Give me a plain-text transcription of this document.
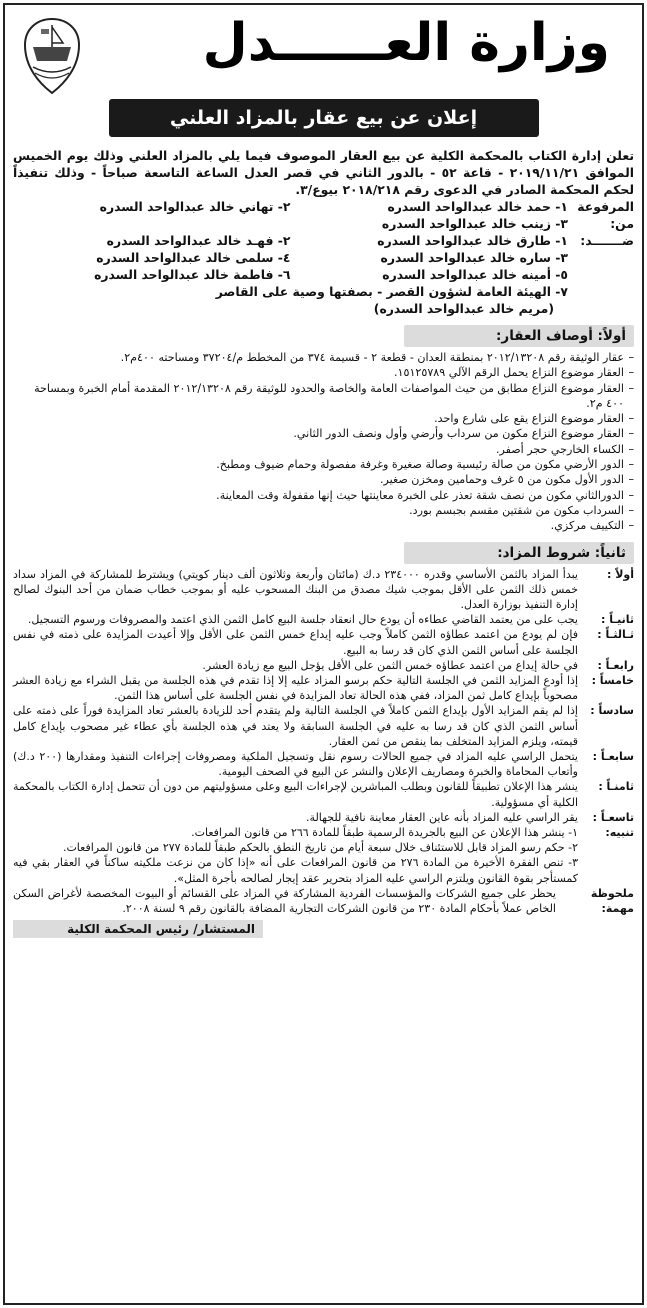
وزارة العــــــدل
إعلان عن بيع عقار بالمزاد العلني
تعلن إدارة الكتاب بالمحكمة الكلية عن بيع العقار الموصوف فيما يلي بالمزاد العلني وذلك يوم الخميس الموافق ٢٠١٩/١١/٢١ - قاعة ٥٢ - بالدور الثاني في قصر العدل الساعة التاسعة صباحاً - وذلك تنفيذاً لحكم المحكمة الصادر في الدعوى رقم ٢٠١٨/٢١٨ بيوع/٣.
المرفوعة من:
١- حمد خالد عبدالواحد السدره
٢- تهاني خالد عبدالواحد السدره
٣- زينب خالد عبدالواحد السدره
ضـــــــد:
١- طارق خالد عبدالواحد السدره
٢- فهـد خالد عبدالواحد السدره
٣- ساره خالد عبدالواحد السدره
٤- سلمى خالد عبدالواحد السدره
٥- أمينه خالد عبدالواحد السدره
٦- فاطمة خالد عبدالواحد السدره
٧- الهيئة العامة لشؤون القصر - بصفتها وصية على القاصر
(مريم خالد عبدالواحد السدره)
أولاً: أوصاف العقار:
– عقار الوثيقة رقم ٢٠١٢/١٣٢٠٨ بمنطقة العدان - قطعة ٢ - قسيمة ٣٧٤ من المخطط م/٣٧٢٠٤ ومساحته ٤٠٠م٢.
– العقار موضوع النزاع يحمل الرقم الآلي ١٥١٢٥٧٨٩.
– العقار موضوع النزاع مطابق من حيث المواصفات العامة والخاصة والحدود للوثيقة رقم ٢٠١٢/١٣٢٠٨ المقدمة أمام الخبرة وبمساحة ٤٠٠ م٢.
– العقار موضوع النزاع يقع على شارع واحد.
– العقار موضوع النزاع مكون من سرداب وأرضي وأول ونصف الدور الثاني.
– الكساء الخارجي حجر أصفر.
– الدور الأرضي مكون من صالة رئيسية وصالة صغيرة وغرفة مفصولة وحمام ضيوف ومطبخ.
– الدور الأول مكون من ٥ غرف وحمامين ومخزن صغير.
– الدورالثاني مكون من نصف شقة تعذر على الخبرة معاينتها حيث إنها مقفولة وقت المعاينة.
– السرداب مكون من شقتين مقسم بجبسم بورد.
– التكييف مركزي.
ثانياً: شروط المزاد:
أولاً :
يبدأ المزاد بالثمن الأساسي وقدره ٢٣٤٠٠٠ د.ك (مائتان وأربعة وثلاثون ألف دينار كويتي) ويشترط للمشاركة في المزاد سداد خمس ذلك الثمن على الأقل بموجب شيك مصدق من البنك المسحوب عليه أو بموجب خطاب ضمان من أحد البنوك لصالح إدارة التنفيذ بوزارة العدل.
ثانيـاً :
يجب على من يعتمد القاضي عطاءه أن يودع حال انعقاد جلسة البيع كامل الثمن الذي اعتمد والمصروفات ورسوم التسجيل.
ثـالثـاً :
فإن لم يودع من اعتمد عطاؤه الثمن كاملاً وجب عليه إيداع خمس الثمن على الأقل وإلا أعيدت المزايدة على ذمته في نفس الجلسة على أساس الثمن الذي كان قد رسا به البيع.
رابعـاً :
في حالة إيداع من اعتمد عطاؤه خمس الثمن على الأقل يؤجل البيع مع زيادة العشر.
خامساً :
إذا أودع المزايد الثمن في الجلسة التالية حكم برسو المزاد عليه إلا إذا تقدم في هذه الجلسة من يقبل الشراء مع زيادة العشر مصحوباً بإيداع كامل ثمن المزاد، ففي هذه الحالة تعاد المزايدة في نفس الجلسة على أساس هذا الثمن.
سادساً :
إذا لم يقم المزايد الأول بإيداع الثمن كاملاً في الجلسة التالية ولم يتقدم أحد للزيادة بالعشر تعاد المزايدة فوراً على ذمته على أساس الثمن الذي كان قد رسا به عليه في الجلسة السابقة ولا يعتد في هذه الجلسة بأي عطاء غير مصحوب بإيداع كامل قيمته، ويلزم المزايد المتخلف بما ينقص من ثمن العقار.
سابعـاً :
يتحمل الراسي عليه المزاد في جميع الحالات رسوم نقل وتسجيل الملكية ومصروفات إجراءات التنفيذ ومقدارها (٢٠٠ د.ك) وأتعاب المحاماة والخبرة ومصاريف الإعلان والنشر عن البيع في الصحف اليومية.
ثامنـاً :
ينشر هذا الإعلان تطبيقاً للقانون وبطلب المباشرين لإجراءات البيع وعلى مسؤوليتهم من دون أن تتحمل إدارة الكتاب بالمحكمة الكلية أي مسؤولية.
تاسعـاً :
يقر الراسي عليه المزاد بأنه عاين العقار معاينة نافية للجهالة.
تنبيه:
١- ينشر هذا الإعلان عن البيع بالجريدة الرسمية طبقاً للمادة ٢٦٦ من قانون المرافعات.
٢- حكم رسو المزاد قابل للاستئناف خلال سبعة أيام من تاريخ النطق بالحكم طبقاً للمادة ٢٧٧ من قانون المرافعات.
٣- تنص الفقرة الأخيرة من المادة ٢٧٦ من قانون المرافعات على أنه «إذا كان من نزعت ملكيته ساكناً في العقار بقي فيه كمستأجر بقوة القانون ويلتزم الراسي عليه المزاد بتحرير عقد إيجار لصالحه بأجرة المثل».
ملحوظة مهمة:
يحظر على جميع الشركات والمؤسسات الفردية المشاركة في المزاد على القسائم أو البيوت المخصصة لأغراض السكن الخاص عملاً بأحكام المادة ٢٣٠ من قانون الشركات التجارية المضافة بالقانون رقم ٩ لسنة ٢٠٠٨.
المستشار/ رئيس المحكمة الكلية
